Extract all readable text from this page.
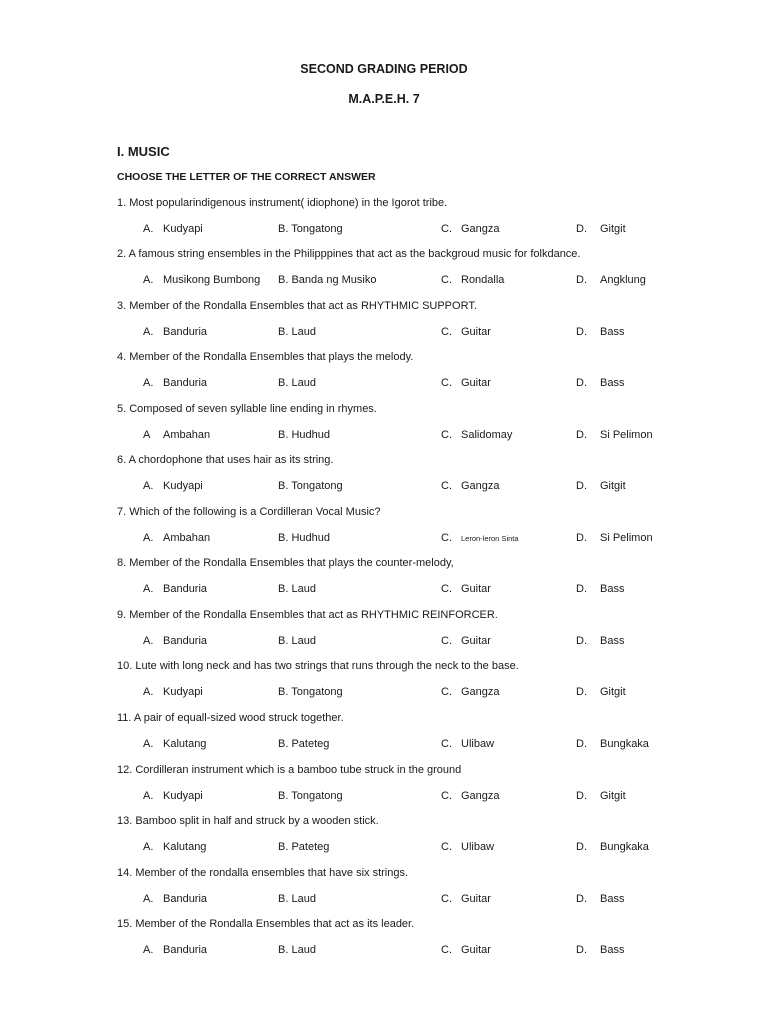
SECOND GRADING PERIOD
M.A.P.E.H. 7
I. MUSIC
CHOOSE THE LETTER OF THE CORRECT ANSWER
1. Most popularindigenous instrument( idiophone) in the Igorot tribe.
A. Kudyapi	B. Tongatong	C. Gangza	D. Gitgit
2. A famous string ensembles in the Philipppines that act as the backgroud music for folkdance.
A. Musikong Bumbong B. Banda ng Musiko	C. Rondalla	D. Angklung
3. Member of the Rondalla Ensembles that act as RHYTHMIC SUPPORT.
A. Banduria	B. Laud	C. Guitar	D. Bass
4. Member of the Rondalla Ensembles that plays the melody.
A. Banduria	B. Laud	C. Guitar	D. Bass
5. Composed of seven syllable line ending in rhymes.
A Ambahan	B. Hudhud	C. Salidomay	D. Si Pelimon
6. A chordophone that uses hair as its string.
A. Kudyapi	B. Tongatong	C. Gangza	D. Gitgit
7. Which of the following is a Cordilleran Vocal Music?
A. Ambahan	B. Hudhud	C. Leron-leron Sinta	D. Si Pelimon
8. Member of the Rondalla Ensembles that plays the counter-melody,
A. Banduria	B. Laud	C. Guitar	D. Bass
9. Member of the Rondalla Ensembles that act as RHYTHMIC REINFORCER.
A. Banduria	B. Laud	C. Guitar	D. Bass
10. Lute with long neck and has two strings that runs through the neck to the base.
A. Kudyapi	B. Tongatong	C. Gangza	D. Gitgit
11. A pair of equall-sized wood struck together.
A. Kalutang	B. Pateteg	C. Ulibaw	D. Bungkaka
12. Cordilleran instrument which is a bamboo tube struck in the ground
A. Kudyapi	B. Tongatong	C. Gangza	D. Gitgit
13. Bamboo split in half and struck by a wooden stick.
A. Kalutang	B. Pateteg	C. Ulibaw	D. Bungkaka
14. Member of the rondalla ensembles that have six strings.
A. Banduria	B. Laud	C. Guitar	D. Bass
15. Member of the Rondalla Ensembles that act as its leader.
A. Banduria	B. Laud	C. Guitar	D. Bass
